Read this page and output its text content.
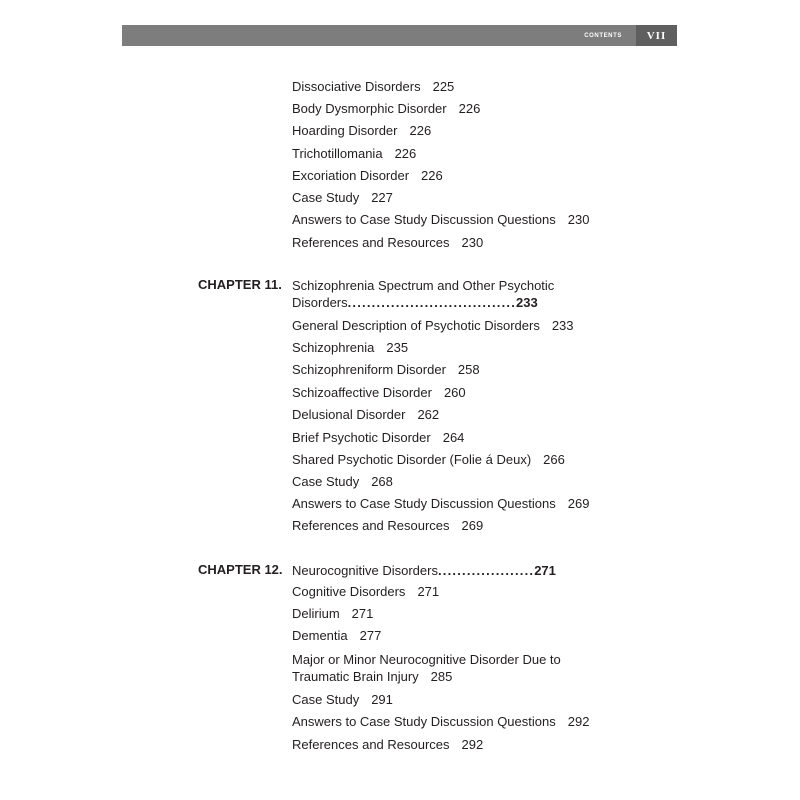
CONTENTS	VII
Dissociative Disorders 225
Body Dysmorphic Disorder 226
Hoarding Disorder 226
Trichotillomania 226
Excoriation Disorder 226
Case Study 227
Answers to Case Study Discussion Questions 230
References and Resources 230
CHAPTER 11. Schizophrenia Spectrum and Other Psychotic
Disorders...................................233
General Description of Psychotic Disorders 233
Schizophrenia 235
Schizophreniform Disorder 258
Schizoaffective Disorder 260
Delusional Disorder 262
Brief Psychotic Disorder 264
Shared Psychotic Disorder (Folie á Deux) 266
Case Study 268
Answers to Case Study Discussion Questions 269
References and Resources 269
CHAPTER 12. Neurocognitive Disorders....................271
Cognitive Disorders 271
Delirium 271
Dementia 277
Major or Minor Neurocognitive Disorder Due to
Traumatic Brain Injury 285
Case Study 291
Answers to Case Study Discussion Questions 292
References and Resources 292
